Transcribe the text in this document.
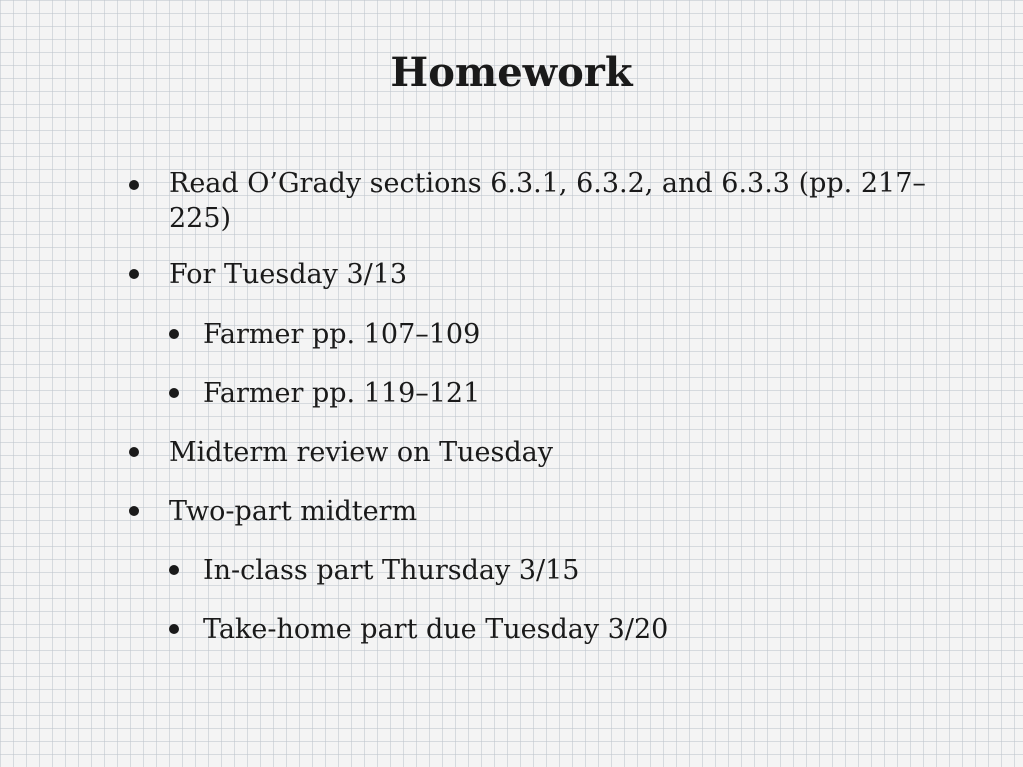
Homework
Read O’Grady sections 6.3.1, 6.3.2, and 6.3.3 (pp. 217–225)
For Tuesday 3/13
Farmer pp. 107–109
Farmer pp. 119–121
Midterm review on Tuesday
Two-part midterm
In-class part Thursday 3/15
Take-home part due Tuesday 3/20
